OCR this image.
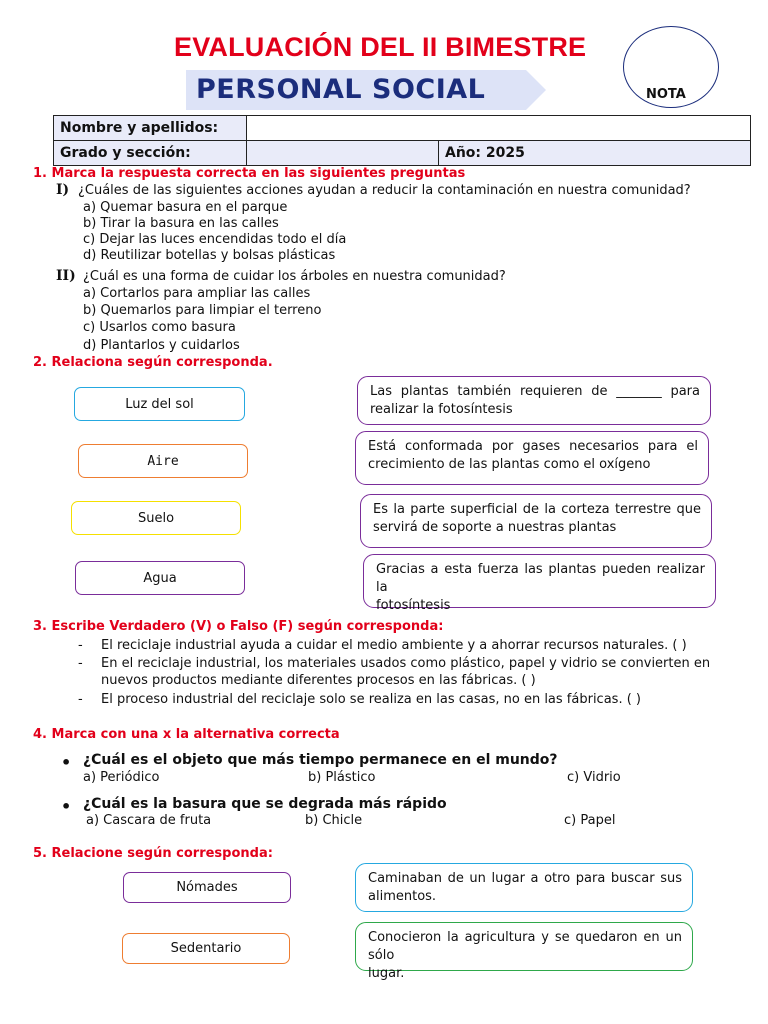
EVALUACIÓN DEL II BIMESTRE
PERSONAL SOCIAL	NOTA
Nombre y apellidos:		
Grado y sección:		Año: 2025
1. Marca la respuesta correcta en las siguientes preguntas
I) ¿Cuáles de las siguientes acciones ayudan a reducir la contaminación en nuestra comunidad?
a) Quemar basura en el parque
b) Tirar la basura en las calles
c) Dejar las luces encendidas todo el día
d) Reutilizar botellas y bolsas plásticas
II) ¿Cuál es una forma de cuidar los árboles en nuestra comunidad?
a) Cortarlos para ampliar las calles
b) Quemarlos para limpiar el terreno
c) Usarlos como basura
d) Plantarlos y cuidarlos
2. Relaciona según corresponda.
Luz del sol
Aire
Suelo
Agua
Las plantas también requieren de _______ para
realizar la fotosíntesis
Está conformada por gases necesarios para el
crecimiento de las plantas como el oxígeno
Es la parte superficial de la corteza terrestre que
servirá de soporte a nuestras plantas
Gracias a esta fuerza las plantas pueden realizar la
fotosíntesis
3. Escribe Verdadero (V) o Falso (F) según corresponda:
- El reciclaje industrial ayuda a cuidar el medio ambiente y a ahorrar recursos naturales. ( )
- En el reciclaje industrial, los materiales usados como plástico, papel y vidrio se convierten en
nuevos productos mediante diferentes procesos en las fábricas. ( )
- El proceso industrial del reciclaje solo se realiza en las casas, no en las fábricas. ( )
4. Marca con una x la alternativa correcta
• ¿Cuál es el objeto que más tiempo permanece en el mundo?
a) Periódico	b) Plástico	c) Vidrio
• ¿Cuál es la basura que se degrada más rápido
a) Cascara de fruta	b) Chicle	c) Papel
5. Relacione según corresponda:
Nómades
Sedentario
Caminaban de un lugar a otro para buscar sus
alimentos.
Conocieron la agricultura y se quedaron en un sólo
lugar.
